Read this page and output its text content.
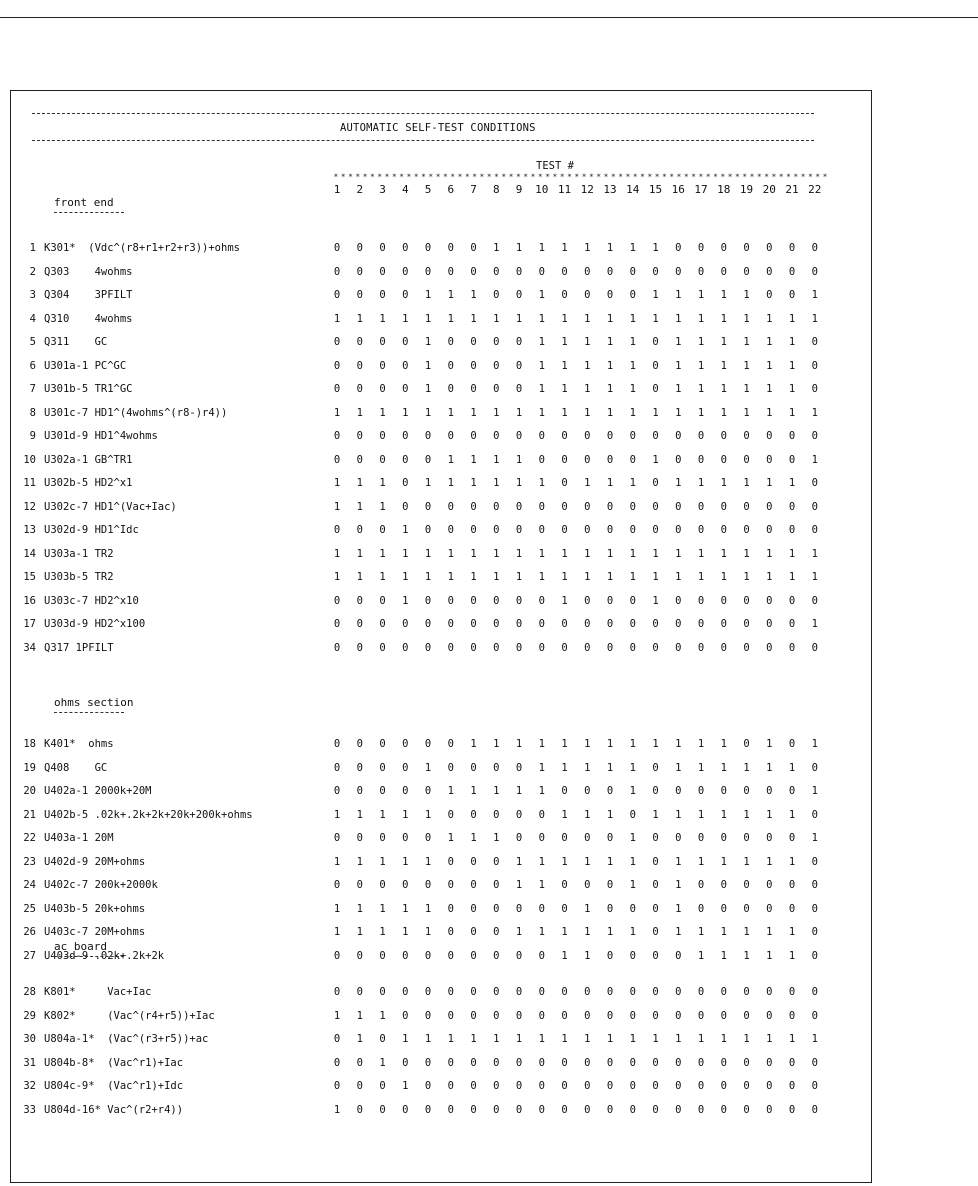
AUTOMATIC SELF-TEST CONDITIONS
TEST #
1	2	3	4	5	6	7	8	9	10 11 12 13 14 15 16 17 18 19 20 21 22
front end
1 K301*  (Vdc^(r8+r1+r2+r3))+ohms	0 0 0 0 0 0 0 1 1 1 1 1 1 1 1 0 0 0 0 0 0 0
2 Q303    4wohms	0 0 0 0 0 0 0 0 0 0 0 0 0 0 0 0 0 0 0 0 0 0
3 Q304    3PFILT	0 0 0 0 1 1 1 0 0 1 0 0 0 0 1 1 1 1 1 0 0 1
4 Q310    4wohms	1 1 1 1 1 1 1 1 1 1 1 1 1 1 1 1 1 1 1 1 1 1
5 Q311    GC	0 0 0 0 1 0 0 0 0 1 1 1 1 1 0 1 1 1 1 1 1 0
6 U301a-1 PC^GC	0 0 0 0 1 0 0 0 0 1 1 1 1 1 0 1 1 1 1 1 1 0
7 U301b-5 TR1^GC	0 0 0 0 1 0 0 0 0 1 1 1 1 1 0 1 1 1 1 1 1 0
8 U301c-7 HD1^(4wohms^(r8-)r4))	1 1 1 1 1 1 1 1 1 1 1 1 1 1 1 1 1 1 1 1 1 1
9 U301d-9 HD1^4wohms	0 0 0 0 0 0 0 0 0 0 0 0 0 0 0 0 0 0 0 0 0 0
10 U302a-1 GB^TR1	0 0 0 0 0 1 1 1 1 0 0 0 0 0 1 0 0 0 0 0 0 1
11 U302b-5 HD2^x1	1 1 1 0 1 1 1 1 1 1 0 1 1 1 0 1 1 1 1 1 1 0
12 U302c-7 HD1^(Vac+Iac)	1 1 1 0 0 0 0 0 0 0 0 0 0 0 0 0 0 0 0 0 0 0
13 U302d-9 HD1^Idc	0 0 0 1 0 0 0 0 0 0 0 0 0 0 0 0 0 0 0 0 0 0
14 U303a-1 TR2	1 1 1 1 1 1 1 1 1 1 1 1 1 1 1 1 1 1 1 1 1 1
15 U303b-5 TR2	1 1 1 1 1 1 1 1 1 1 1 1 1 1 1 1 1 1 1 1 1 1
16 U303c-7 HD2^x10	0 0 0 1 0 0 0 0 0 0 1 0 0 0 1 0 0 0 0 0 0 0
17 U303d-9 HD2^x100	0 0 0 0 0 0 0 0 0 0 0 0 0 0 0 0 0 0 0 0 0 1
34 Q317 1PFILT	0 0 0 0 0 0 0 0 0 0 0 0 0 0 0 0 0 0 0 0 0 0
ohms section
18 K401*  ohms	0 0 0 0 0 0 1 1 1 1 1 1 1 1 1 1 1 1 0 1 0 1
19 Q408    GC	0 0 0 0 1 0 0 0 0 1 1 1 1 1 0 1 1 1 1 1 1 0
20 U402a-1 2000k+20M	0 0 0 0 0 1 1 1 1 1 0 0 0 1 0 0 0 0 0 0 0 1
21 U402b-5 .02k+.2k+2k+20k+200k+ohms	1 1 1 1 1 0 0 0 0 0 1 1 1 0 1 1 1 1 1 1 1 0
22 U403a-1 20M	0 0 0 0 0 1 1 1 0 0 0 0 0 1 0 0 0 0 0 0 0 1
23 U402d-9 20M+ohms	1 1 1 1 1 0 0 0 1 1 1 1 1 1 0 1 1 1 1 1 1 0
24 U402c-7 200k+2000k	0 0 0 0 0 0 0 0 1 1 0 0 0 1 0 1 0 0 0 0 0 0
25 U403b-5 20k+ohms	1 1 1 1 1 0 0 0 0 0 0 1 0 0 0 1 0 0 0 0 0 0
26 U403c-7 20M+ohms	1 1 1 1 1 0 0 0 1 1 1 1 1 1 0 1 1 1 1 1 1 0
27 U403d-9 .02k+.2k+2k	0 0 0 0 0 0 0 0 0 0 1 1 0 0 0 0 1 1 1 1 1 0
ac board
28 K801*     Vac+Iac	0 0 0 0 0 0 0 0 0 0 0 0 0 0 0 0 0 0 0 0 0 0
29 K802*     (Vac^(r4+r5))+Iac	1 1 1 0 0 0 0 0 0 0 0 0 0 0 0 0 0 0 0 0 0 0
30 U804a-1*  (Vac^(r3+r5))+ac	0 1 0 1 1 1 1 1 1 1 1 1 1 1 1 1 1 1 1 1 1 1
31 U804b-8*  (Vac^r1)+Iac	0 0 1 0 0 0 0 0 0 0 0 0 0 0 0 0 0 0 0 0 0 0
32 U804c-9*  (Vac^r1)+Idc	0 0 0 1 0 0 0 0 0 0 0 0 0 0 0 0 0 0 0 0 0 0
33 U804d-16* Vac^(r2+r4))	1 0 0 0 0 0 0 0 0 0 0 0 0 0 0 0 0 0 0 0 0 0
